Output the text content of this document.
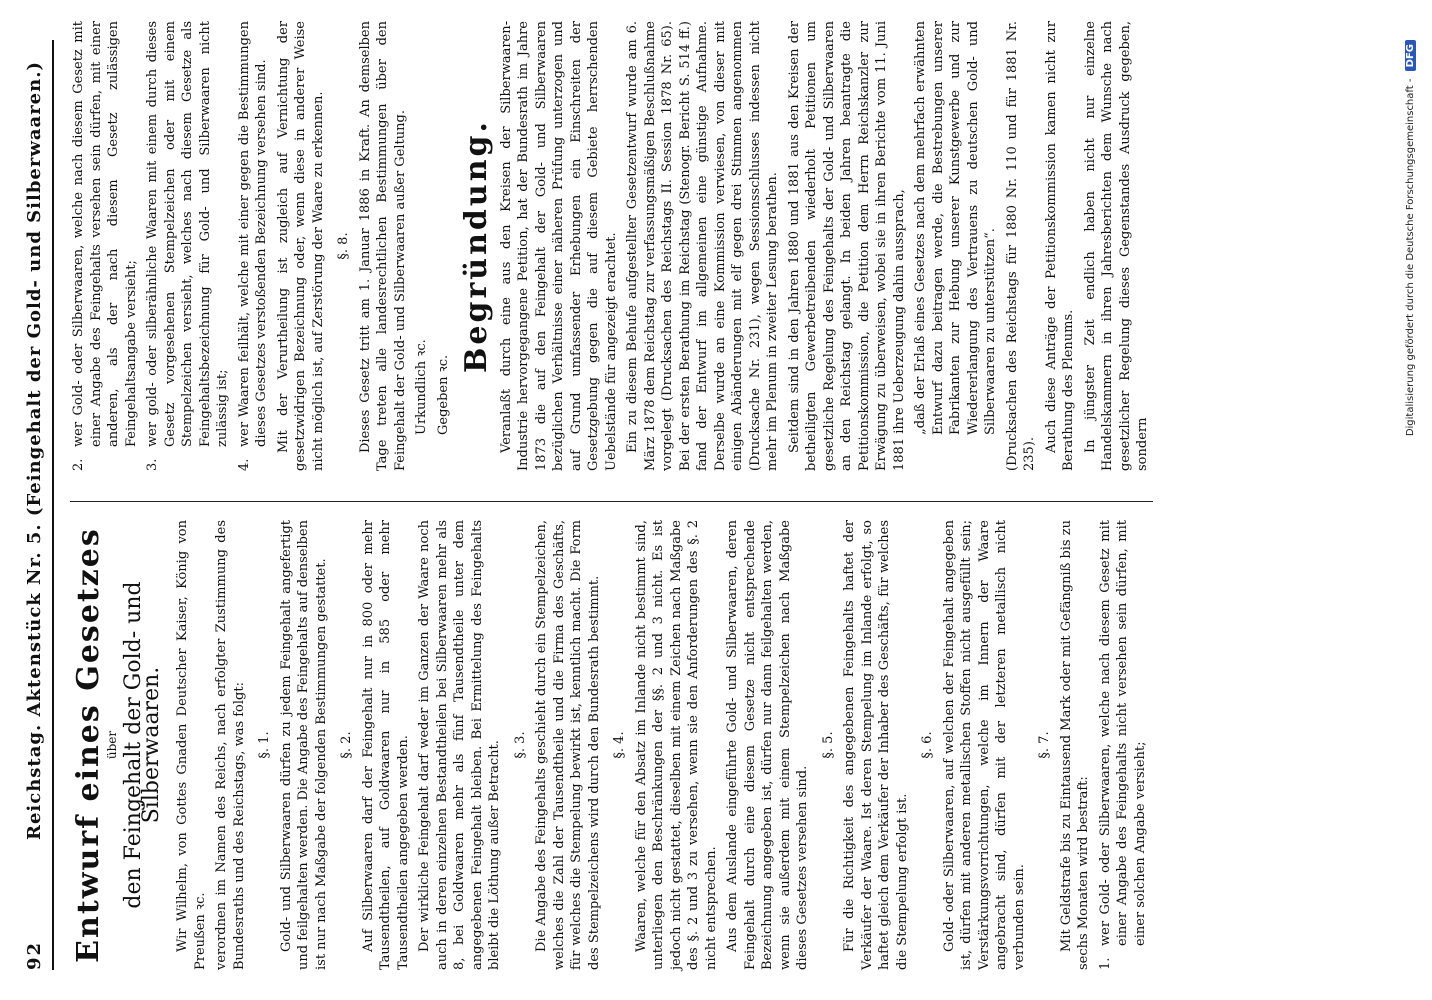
92
Reichstag. Aktenstück Nr. 5. (Feingehalt der Gold- und Silberwaaren.) Entwurf eines Gesetzes
über den Feingehalt der Gold- und Silberwaaren. Wir Wilhelm, von Gottes Gnaden Deutscher Kaiser, König von Preußen ꝛc. verordnen im Namen des Reichs, nach erfolgter Zustimmung des Bundesraths und des Reichstags, was folgt: §. 1. Gold- und Silberwaaren dürfen zu jedem Feingehalt angefertigt und feilgehalten werden. Die Angabe des Feingehalts auf denselben ist nur nach Maßgabe der folgenden Bestimmungen gestattet. §. 2. Auf Silberwaaren darf der Feingehalt nur in 800 oder mehr Tausendtheilen, auf Goldwaaren nur in 585 oder mehr Tausendtheilen angegeben werden. Der wirkliche Feingehalt darf weder im Ganzen der Waare noch auch in deren einzelnen Bestandtheilen bei Silberwaaren mehr als 8, bei Goldwaaren mehr als fünf Tausendtheile unter dem angegebenen Feingehalt bleiben. Bei Ermittelung des Feingehalts bleibt die Löthung außer Betracht. §. 3. Die Angabe des Feingehalts geschieht durch ein Stempelzeichen, welches die Zahl der Tausendtheile und die Firma des Geschäfts, für welches die Stempelung bewirkt ist, kenntlich macht. Die Form des Stempelzeichens wird durch den Bundesrath bestimmt. §. 4. Waaren, welche für den Absatz im Inlande nicht bestimmt sind, unterliegen den Beschränkungen der §§. 2 und 3 nicht. Es ist jedoch nicht gestattet, dieselben mit einem Zeichen nach Maßgabe des §. 2 und 3 zu versehen, wenn sie den Anforderungen des §. 2 nicht entsprechen. Aus dem Auslande eingeführte Gold- und Silberwaaren, deren Feingehalt durch eine diesem Gesetze nicht entsprechende Bezeichnung angegeben ist, dürfen nur dann feilgehalten werden, wenn sie außerdem mit einem Stempelzeichen nach Maßgabe dieses Gesetzes versehen sind.

§. 5. Für die Richtigkeit des angegebenen Feingehalts haftet der Verkäufer der Waare. Ist deren Stempelung im Inlande erfolgt, so haftet gleich dem Verkäufer der Inhaber des Geschäfts, für welches die Stempelung erfolgt ist.

§. 6. Gold- oder Silberwaaren, auf welchen der Feingehalt angegeben ist, dürfen mit anderen metallischen Stoffen nicht ausgefüllt sein; Verstärkungsvorrichtungen, welche im Innern der Waare angebracht sind, dürfen mit der letzteren metallisch nicht verbunden sein.

§. 7. Mit Geldstrafe bis zu Eintausend Mark oder mit Gefängniß bis zu sechs Monaten wird bestraft: 1.
wer Gold- oder Silberwaaren, welche nach diesem Gesetz mit einer Angabe des Feingehalts nicht versehen sein dürfen, mit einer solchen Angabe versieht;
2.
wer Gold- oder Silberwaaren, welche nach diesem Gesetz mit einer Angabe des Feingehalts versehen sein dürfen, mit einer anderen, als der nach diesem Gesetz zulässigen Feingehaltsangabe versieht;
3.
wer gold- oder silberähnliche Waaren mit einem durch dieses Gesetz vorgesehenen Stempelzeichen oder mit einem Stempelzeichen versieht, welches nach diesem Gesetze als Feingehaltsbezeichnung für Gold- und Silberwaaren nicht zulässig ist;
4.
wer Waaren feilhält, welche mit einer gegen die Bestimmungen dieses Gesetzes verstoßenden Bezeichnung versehen sind. Mit der Verurtheilung ist zugleich auf Vernichtung der gesetzwidrigen Bezeichnung oder, wenn diese in anderer Weise nicht möglich ist, auf Zerstörung der Waare zu erkennen. §. 8. Dieses Gesetz tritt am 1. Januar 1886 in Kraft. An demselben Tage treten alle landesrechtlichen Bestimmungen über den Feingehalt der Gold- und Silberwaaren außer Geltung. Urkundlich ꝛc. Gegeben ꝛc.

Begründung. Veranlaßt durch eine aus den Kreisen der Silberwaaren-Industrie hervorgegangene Petition, hat der Bundesrath im Jahre 1873 die auf den Feingehalt der Gold- und Silberwaaren bezüglichen Verhältnisse einer näheren Prüfung unterzogen und auf Grund umfassender Erhebungen ein Einschreiten der Gesetzgebung gegen die auf diesem Gebiete herrschenden Uebelstände für angezeigt erachtet. Ein zu diesem Behufe aufgestellter Gesetzentwurf wurde am 6. März 1878 dem Reichstag zur verfassungsmäßigen Beschlußnahme vorgelegt (Drucksachen des Reichstags II. Session 1878 Nr. 65). Bei der ersten Berathung im Reichstag (Stenogr. Bericht S. 514 ff.) fand der Entwurf im allgemeinen eine günstige Aufnahme. Derselbe wurde an eine Kommission verwiesen, von dieser mit einigen Abänderungen mit elf gegen drei Stimmen angenommen (Drucksache Nr. 231), wegen Sessionsschlusses indessen nicht mehr im Plenum in zweiter Lesung berathen. Seitdem sind in den Jahren 1880 und 1881 aus den Kreisen der betheiligten Gewerbetreibenden wiederholt Petitionen um gesetzliche Regelung des Feingehalts der Gold- und Silberwaaren an den Reichstag gelangt. In beiden Jahren beantragte die Petitionskommission, die Petition dem Herrn Reichskanzler zur Erwägung zu überweisen, wobei sie in ihren Berichte vom 11. Juni 1881 ihre Ueberzeugung dahin aussprach, „daß der Erlaß eines Gesetzes nach dem mehrfach erwähnten Entwurf dazu beitragen werde, die Bestrebungen unserer Fabrikanten zur Hebung unserer Kunstgewerbe und zur Wiedererlangung des Vertrauens zu deutschen Gold- und Silberwaaren zu unterstützen“. (Drucksachen des Reichstags für 1880 Nr. 110 und für 1881 Nr. 235).

Auch diese Anträge der Petitionskommission kamen nicht zur Berathung des Plenums. In jüngster Zeit endlich haben nicht nur einzelne Handelskammern in ihren Jahresberichten dem Wunsche nach gesetzlicher Regelung dieses Gegenstandes Ausdruck gegeben, sondern

Digitalisierung gefördert durch die Deutsche Forschungsgemeinschaft - DFG
